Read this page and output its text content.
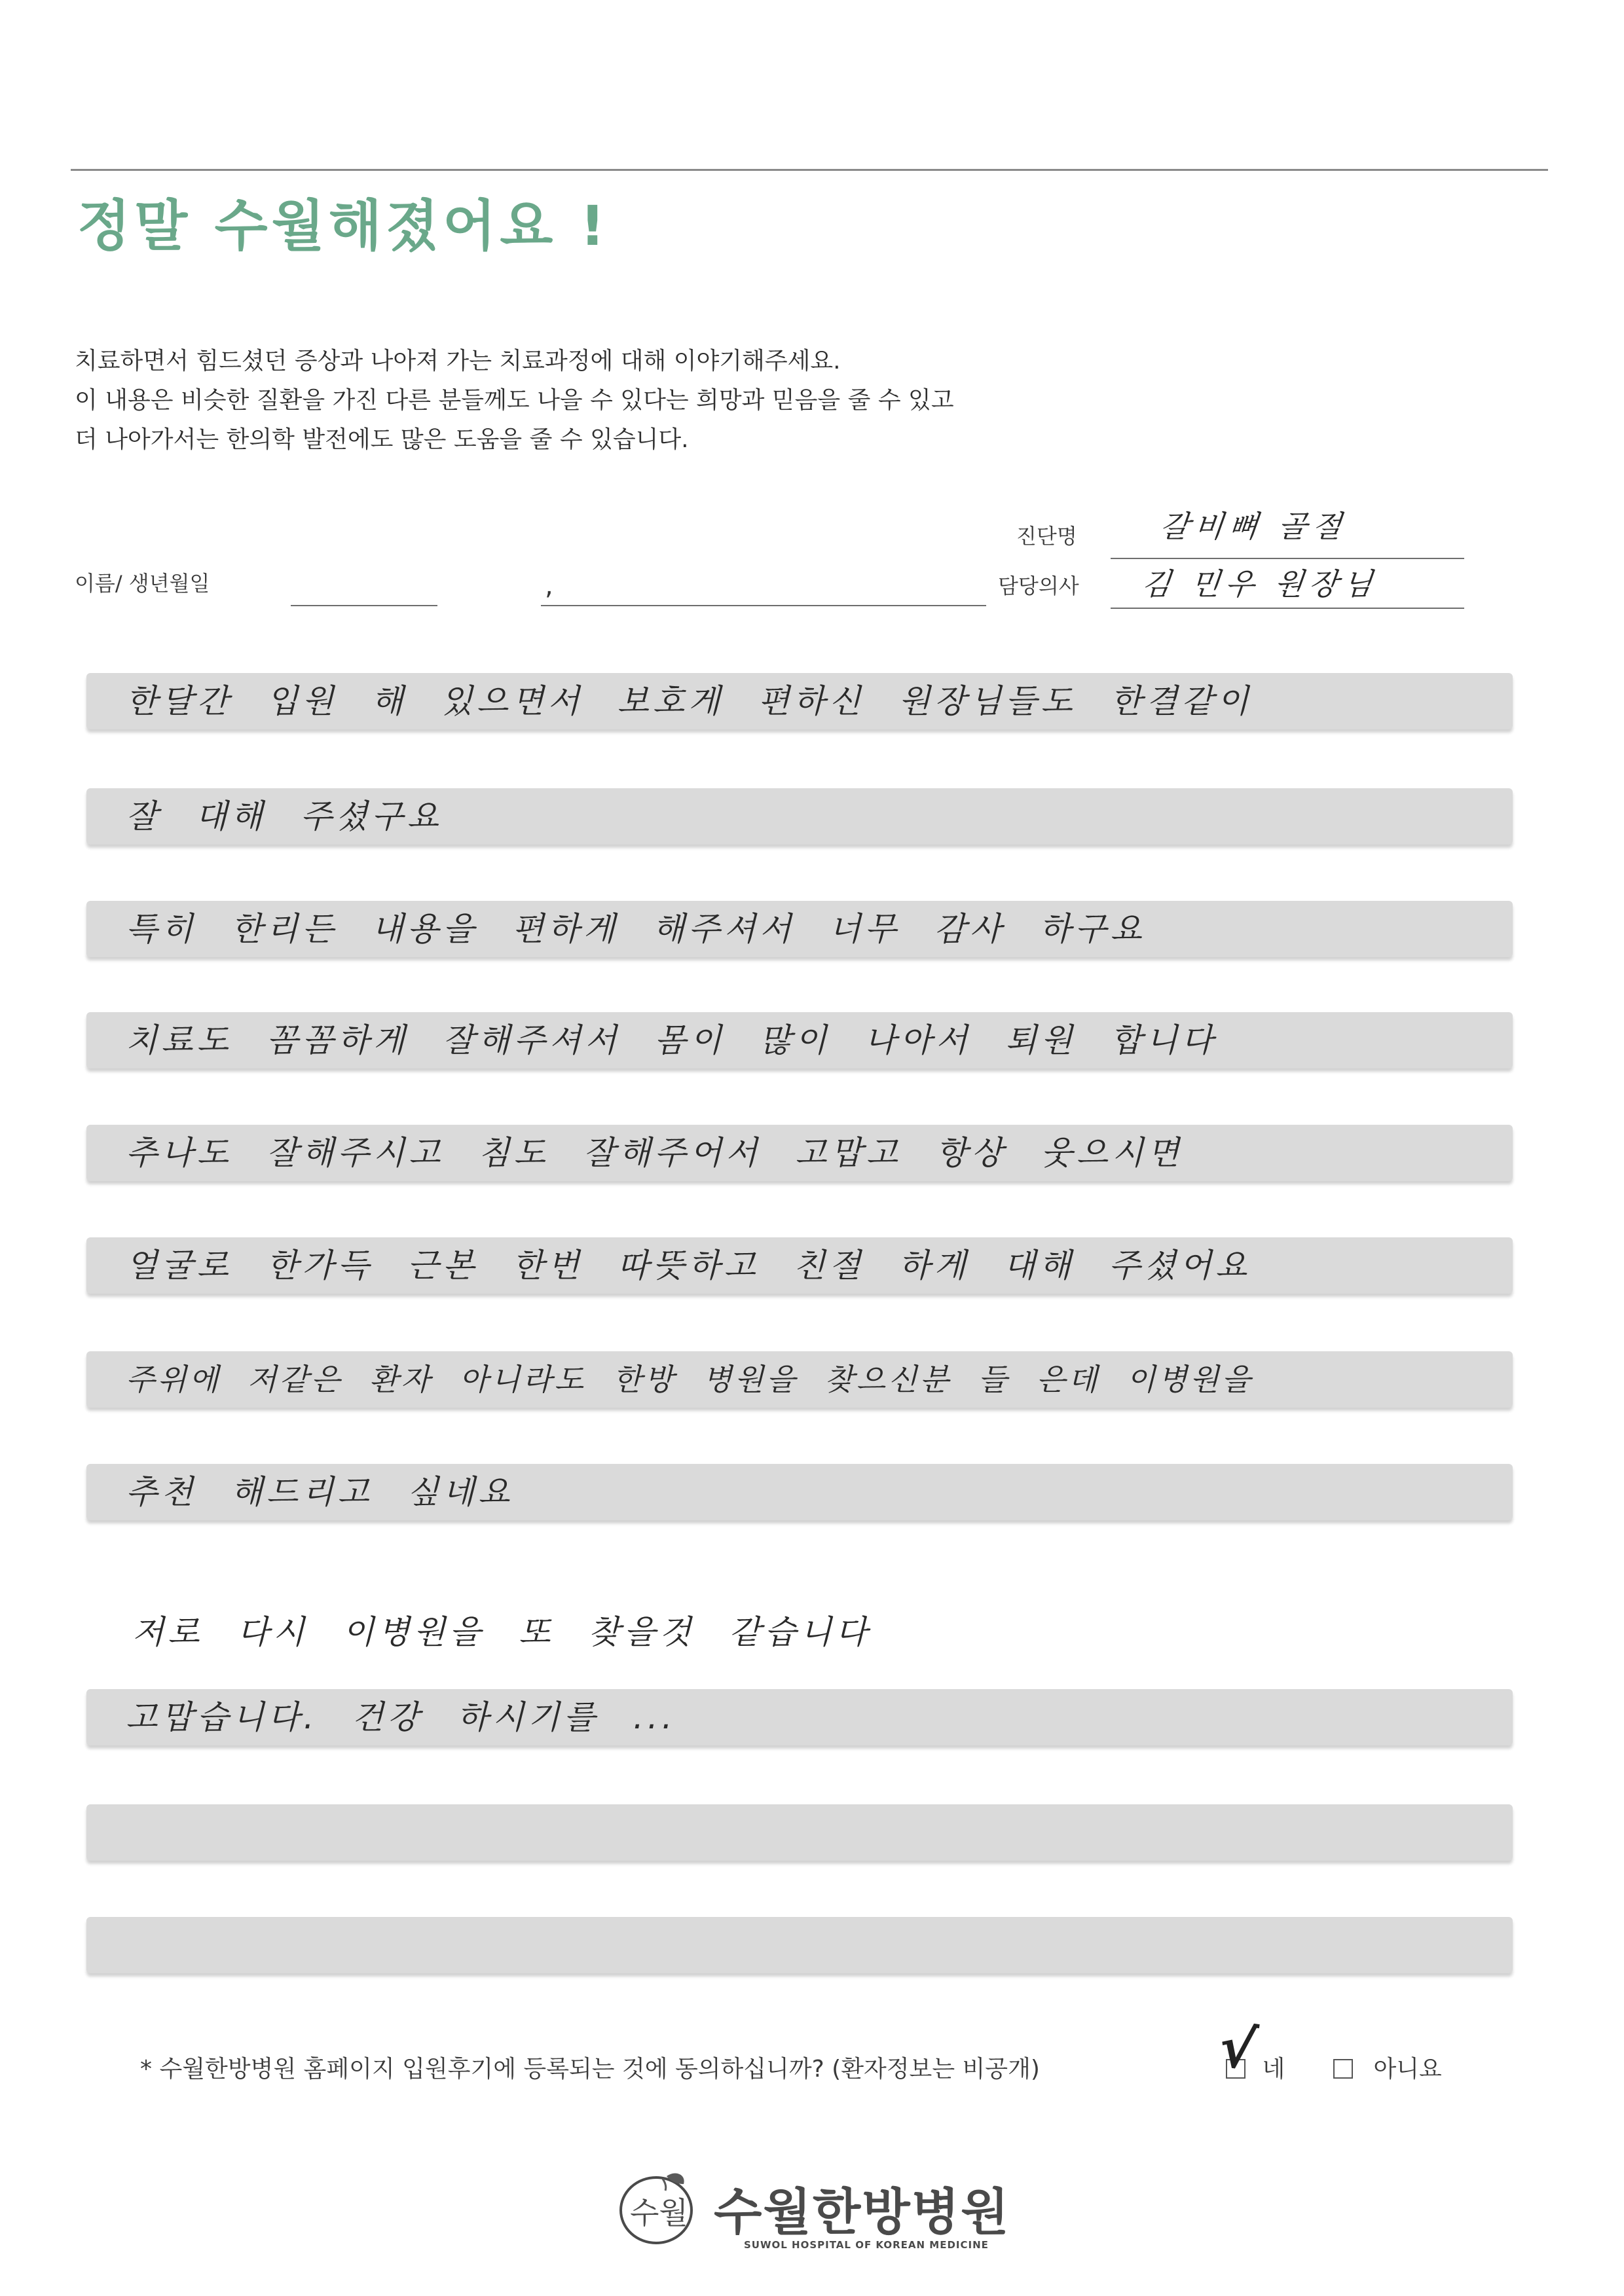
정말 수월해졌어요 !
치료하면서 힘드셨던 증상과 나아져 가는 치료과정에 대해 이야기해주세요.
이 내용은 비슷한 질환을 가진 다른 분들께도 나을 수 있다는 희망과 믿음을 줄 수 있고
더 나아가서는 한의학 발전에도 많은 도움을 줄 수 있습니다.
진단명	갈비뼈 골절
이름/ 생년월일	,	담당의사 김 민우 원장님
한달간 입원 해 있으면서 보호게 편하신 원장님들도 한결같이
잘 대해 주셨구요
특히 한리든 내용을 편하게 해주셔서 너무 감사 하구요
치료도 꼼꼼하게 잘해주셔서 몸이 많이 나아서 퇴원 합니다
추나도 잘해주시고 침도 잘해주어서 고맙고 항상 웃으시면
얼굴로 한가득 근본 한번 따뜻하고 친절 하게 대해 주셨어요
주위에 저같은 환자 아니라도 한방 병원을 찾으신분 들 은데 이병원을
추천 해드리고 싶네요
저로 다시 이병원을 또 찾을것 같습니다
고맙습니다. 건강 하시기를 ...
* 수월한방병원 홈페이지 입원후기에 등록되는 것에 동의하십니까? (환자정보는 비공개)	네
√	아니요
수월 수월한방병원
SUWOL HOSPITAL OF KOREAN MEDICINE
